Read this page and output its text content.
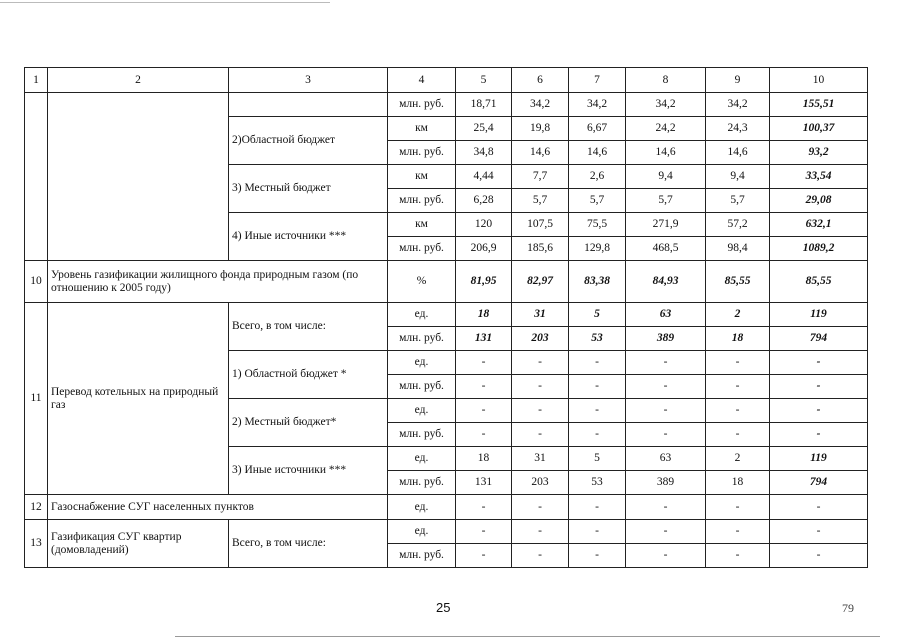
1	2	3	4	5	6	7	8	9	10
			млн. руб.	18,71	34,2	34,2	34,2	34,2	155,51
		2)Областной бюджет	км	25,4	19,8	6,67	24,2	24,3	100,37
			млн. руб.	34,8	14,6	14,6	14,6	14,6	93,2
		3) Местный бюджет	км	4,44	7,7	2,6	9,4	9,4	33,54
			млн. руб.	6,28	5,7	5,7	5,7	5,7	29,08
		4) Иные источники ***	км	120	107,5	75,5	271,9	57,2	632,1
			млн. руб.	206,9	185,6	129,8	468,5	98,4	1089,2
10	Уровень газификации жилищного фонда природным газом (по отношению к 2005 году)		%	81,95	82,97	83,38	84,93	85,55	85,55
11	Перевод котельных на природный газ	Всего, в том числе:	ед.	18	31	5	63	2	119
			млн. руб.	131	203	53	389	18	794
		1) Областной бюджет *	ед.	-	-	-	-	-	-
			млн. руб.	-	-	-	-	-	-
		2) Местный бюджет*	ед.	-	-	-	-	-	-
			млн. руб.	-	-	-	-	-	-
		3) Иные источники ***	ед.	18	31	5	63	2	119
			млн. руб.	131	203	53	389	18	794
12	Газоснабжение СУГ населенных пунктов		ед.	-	-	-	-	-	-
13	Газификация СУГ квартир (домовладений)	Всего, в том числе:	ед.	-	-	-	-	-	-
			млн. руб.	-	-	-	-	-	-
25	79
